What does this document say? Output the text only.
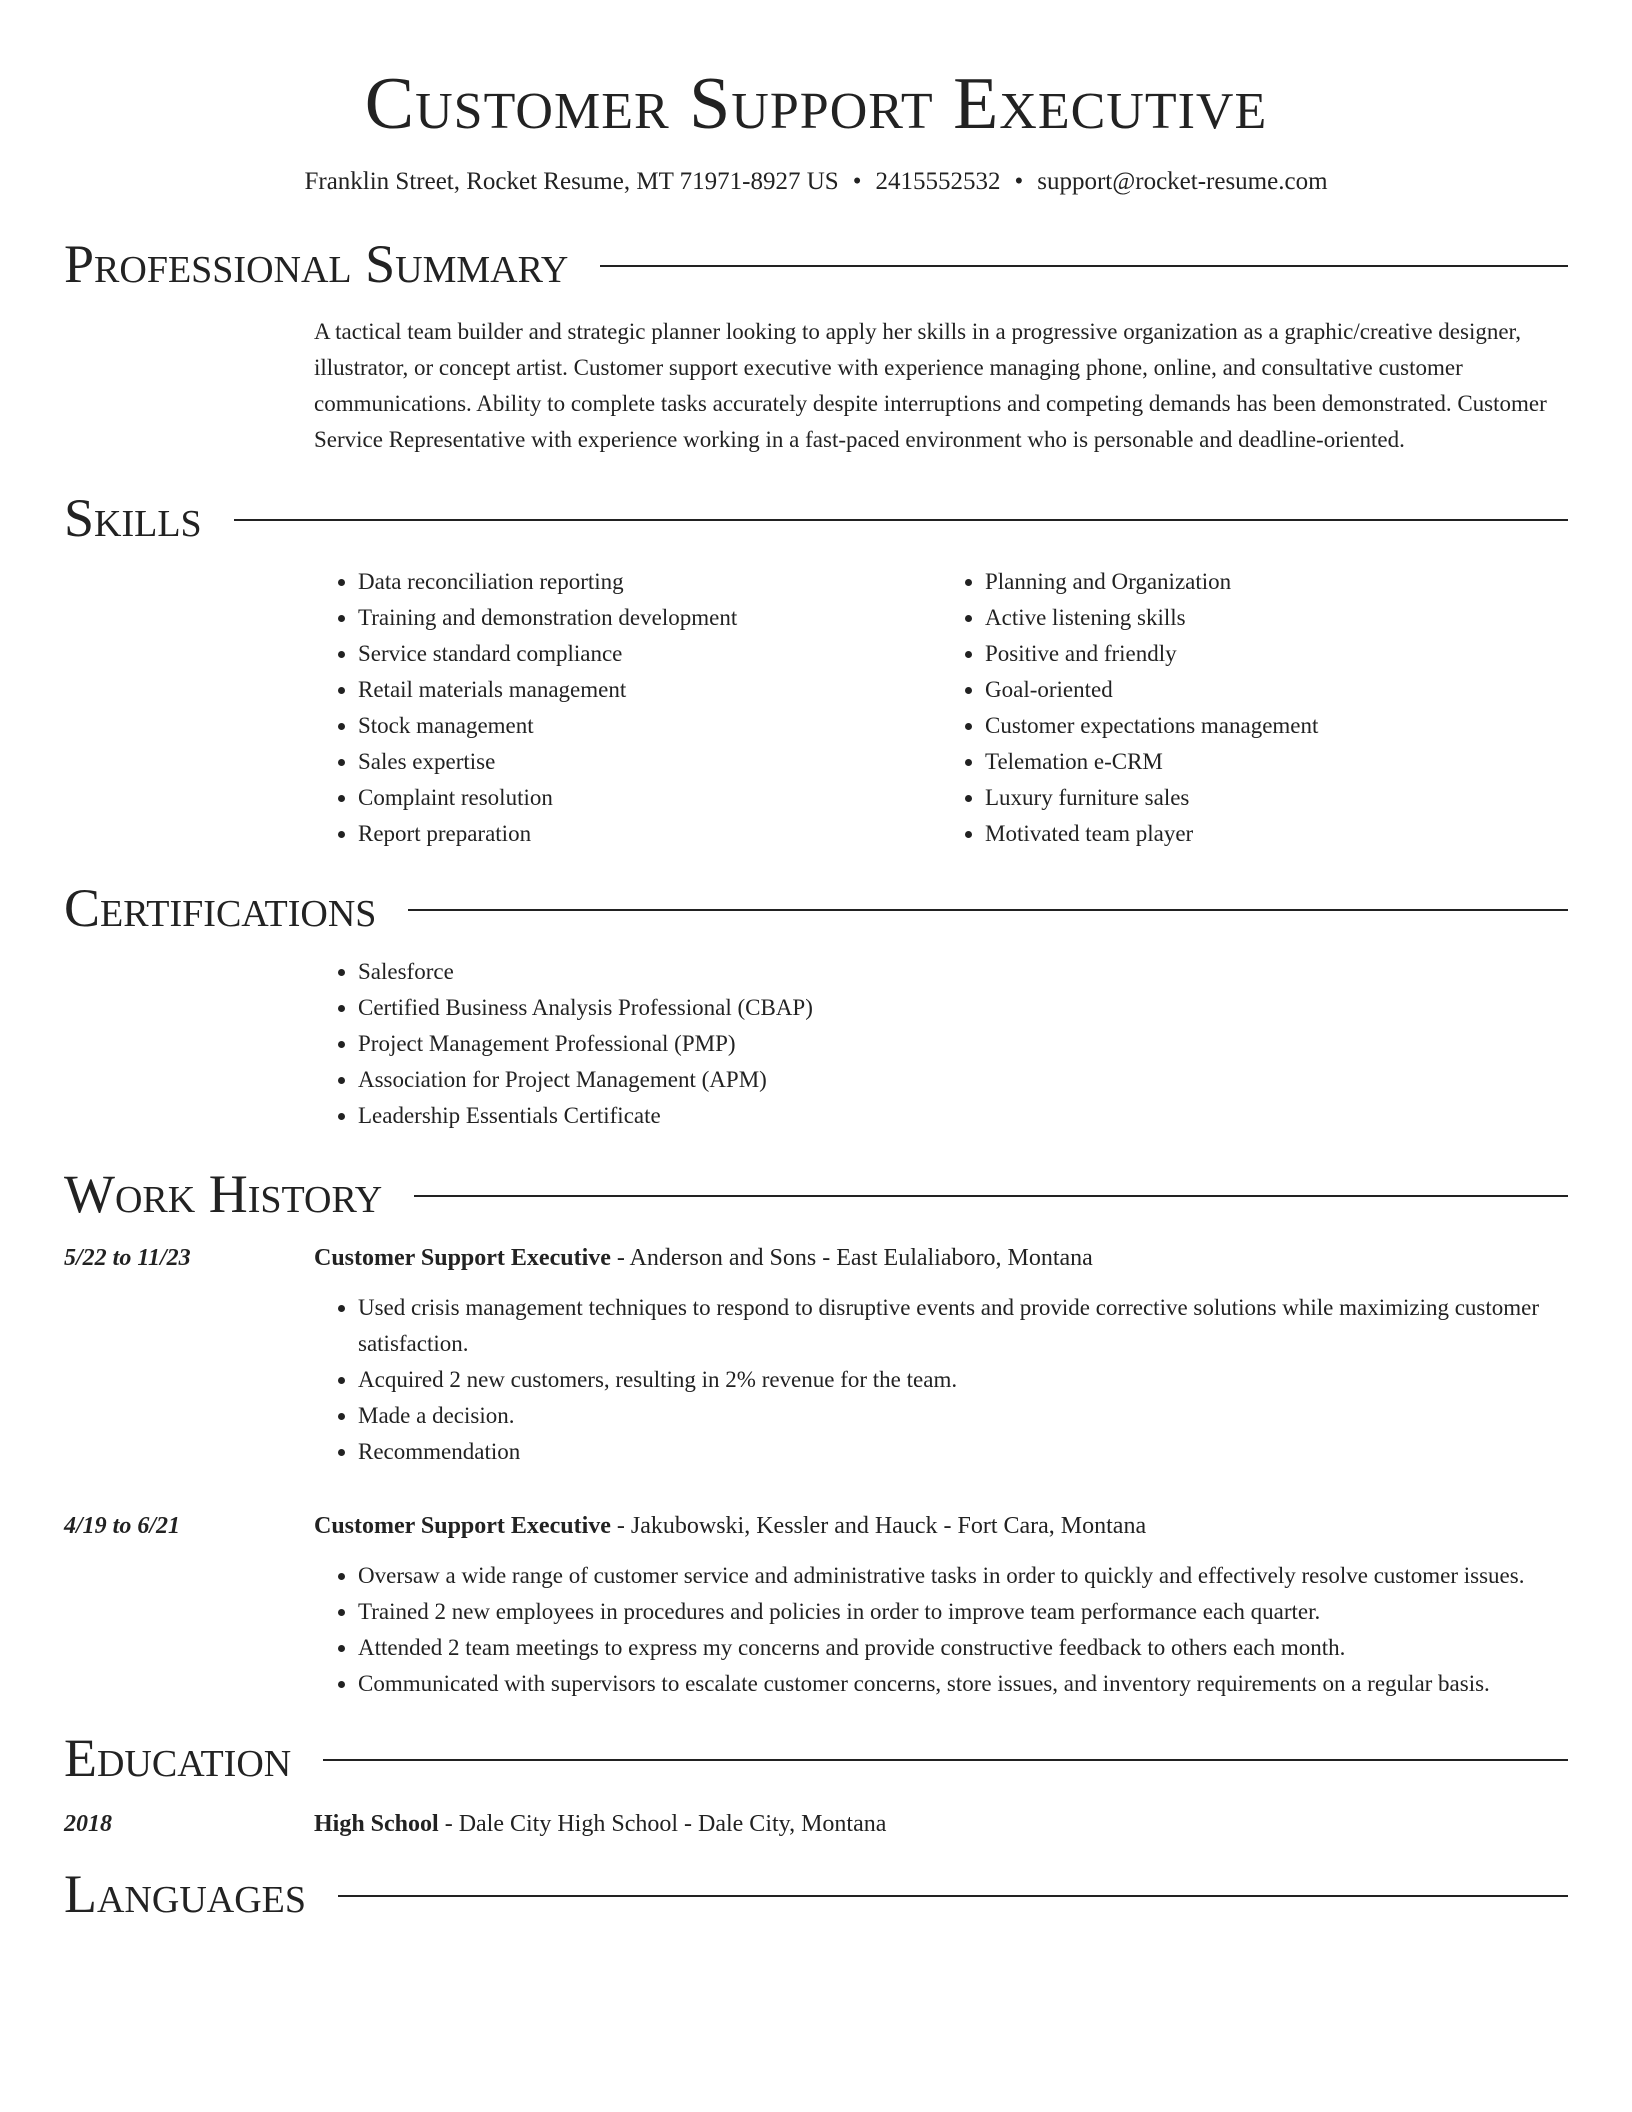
Customer Support Executive
Franklin Street, Rocket Resume, MT 71971-8927 US • 2415552532 • support@rocket-resume.com
Professional Summary
A tactical team builder and strategic planner looking to apply her skills in a progressive organization as a graphic/creative designer, illustrator, or concept artist. Customer support executive with experience managing phone, online, and consultative customer communications. Ability to complete tasks accurately despite interruptions and competing demands has been demonstrated. Customer Service Representative with experience working in a fast-paced environment who is personable and deadline-oriented.
Skills
• Data reconciliation reporting
• Training and demonstration development
• Service standard compliance
• Retail materials management
• Stock management
• Sales expertise
• Complaint resolution
• Report preparation
• Planning and Organization
• Active listening skills
• Positive and friendly
• Goal-oriented
• Customer expectations management
• Telemation e-CRM
• Luxury furniture sales
• Motivated team player
Certifications
• Salesforce
• Certified Business Analysis Professional (CBAP)
• Project Management Professional (PMP)
• Association for Project Management (APM)
• Leadership Essentials Certificate
Work History
5/22 to 11/23	Customer Support Executive - Anderson and Sons - East Eulaliaboro, Montana
• Used crisis management techniques to respond to disruptive events and provide corrective solutions while maximizing customer satisfaction.
• Acquired 2 new customers, resulting in 2% revenue for the team.
• Made a decision.
• Recommendation
4/19 to 6/21	Customer Support Executive - Jakubowski, Kessler and Hauck - Fort Cara, Montana
• Oversaw a wide range of customer service and administrative tasks in order to quickly and effectively resolve customer issues.
• Trained 2 new employees in procedures and policies in order to improve team performance each quarter.
• Attended 2 team meetings to express my concerns and provide constructive feedback to others each month.
• Communicated with supervisors to escalate customer concerns, store issues, and inventory requirements on a regular basis.
Education
2018	High School - Dale City High School - Dale City, Montana
Languages
